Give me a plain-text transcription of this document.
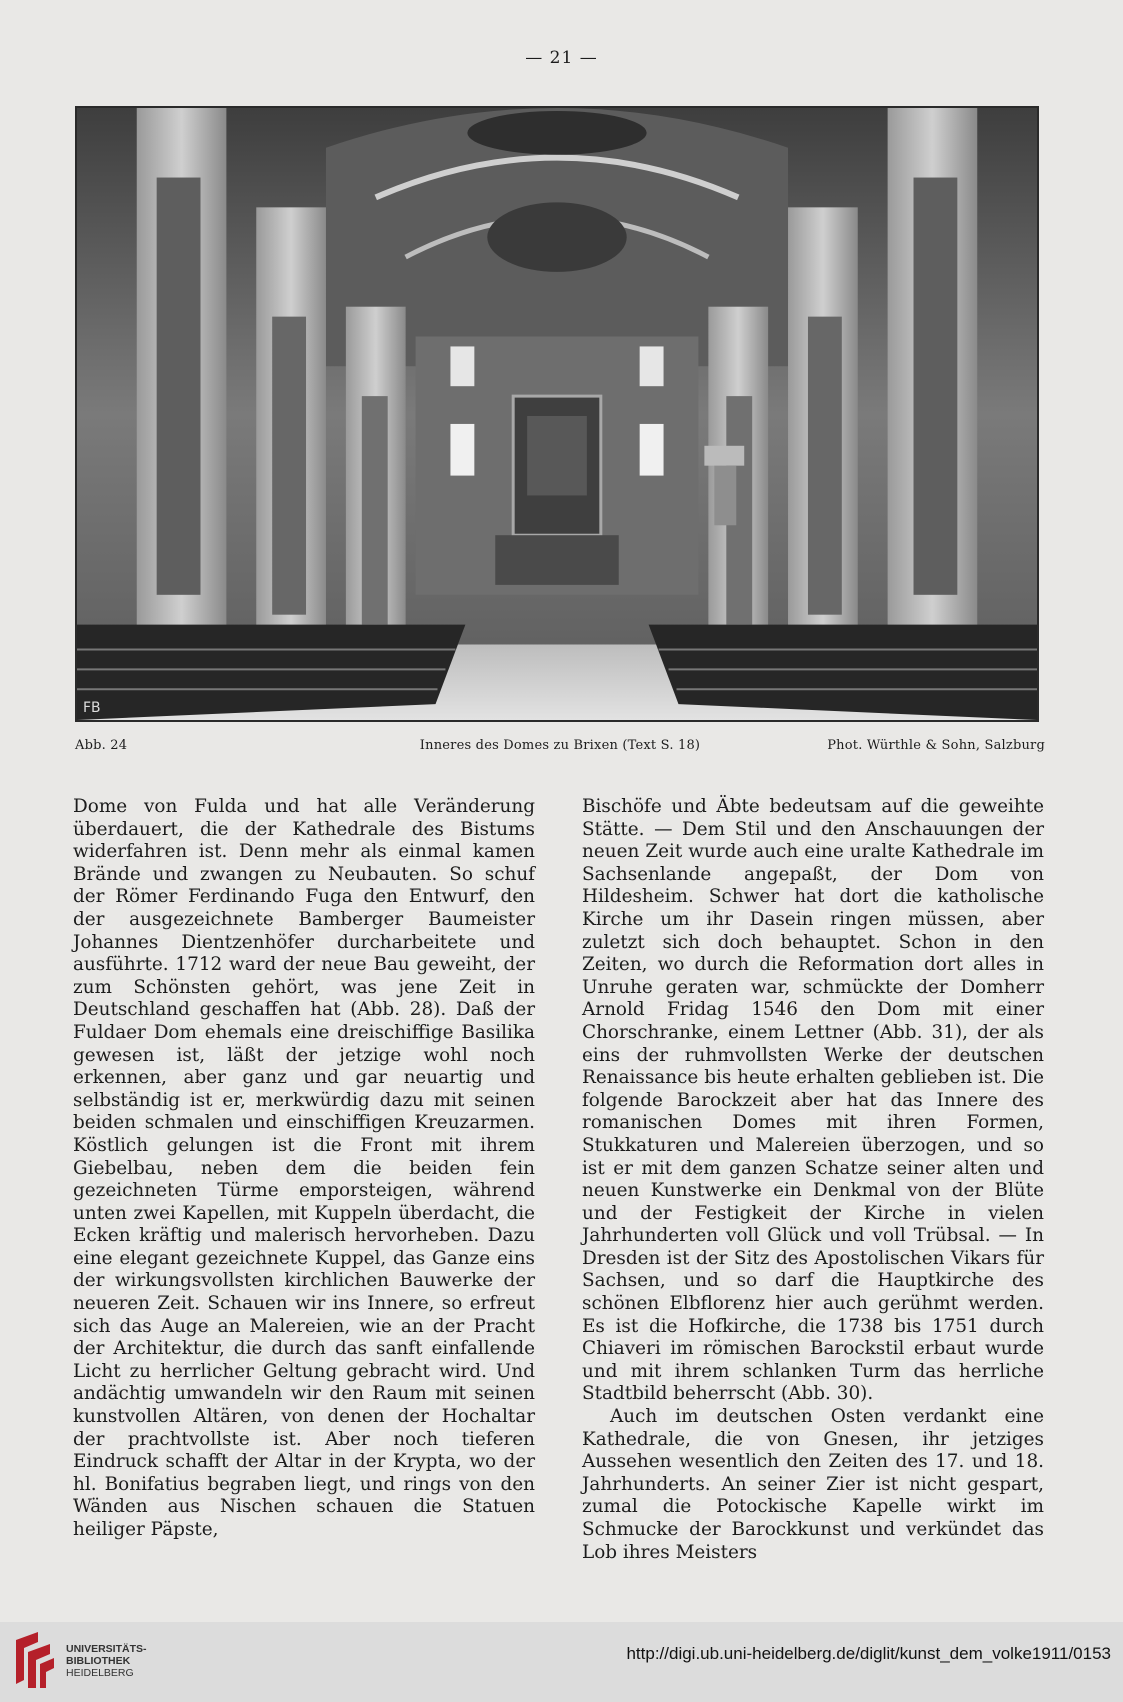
— 21 —
FB
Inneres des Domes zu Brixen (Text S. 18)
Abb. 24	Phot. Würthle & Sohn, Salzburg

Dome von Fulda und hat alle Veränderung überdauert, die der Kathedrale des Bistums widerfahren ist. Denn mehr als einmal kamen Brände und zwangen zu Neubauten. So schuf der Römer Ferdinando Fuga den Entwurf, den der ausgezeichnete Bamberger Baumeister Johannes Dientzenhöfer durcharbeitete und ausführte. 1712 ward der neue Bau geweiht, der zum Schönsten gehört, was jene Zeit in Deutschland geschaffen hat (Abb. 28). Daß der Fuldaer Dom ehemals eine dreischiffige Basilika gewesen ist, läßt der jetzige wohl noch erkennen, aber ganz und gar neuartig und selbständig ist er, merkwürdig dazu mit seinen beiden schmalen und einschiffigen Kreuzarmen. Köstlich gelungen ist die Front mit ihrem Giebelbau, neben dem die beiden fein gezeichneten Türme emporsteigen, während unten zwei Kapellen, mit Kuppeln überdacht, die Ecken kräftig und malerisch hervorheben. Dazu eine elegant gezeichnete Kuppel, das Ganze eins der wirkungsvollsten kirchlichen Bauwerke der neueren Zeit. Schauen wir ins Innere, so erfreut sich das Auge an Malereien, wie an der Pracht der Architektur, die durch das sanft einfallende Licht zu herrlicher Geltung gebracht wird. Und andächtig umwandeln wir den Raum mit seinen kunstvollen Altären, von denen der Hochaltar der prachtvollste ist. Aber noch tieferen Eindruck schafft der Altar in der Krypta, wo der hl. Bonifatius begraben liegt, und rings von den Wänden aus Nischen schauen die Statuen heiliger Päpste,

Bischöfe und Äbte bedeutsam auf die geweihte Stätte. — Dem Stil und den Anschauungen der neuen Zeit wurde auch eine uralte Kathedrale im Sachsenlande angepaßt, der Dom von Hildesheim. Schwer hat dort die katholische Kirche um ihr Dasein ringen müssen, aber zuletzt sich doch behauptet. Schon in den Zeiten, wo durch die Reformation dort alles in Unruhe geraten war, schmückte der Domherr Arnold Fridag 1546 den Dom mit einer Chorschranke, einem Lettner (Abb. 31), der als eins der ruhmvollsten Werke der deutschen Renaissance bis heute erhalten geblieben ist. Die folgende Barockzeit aber hat das Innere des romanischen Domes mit ihren Formen, Stukkaturen und Malereien überzogen, und so ist er mit dem ganzen Schatze seiner alten und neuen Kunstwerke ein Denkmal von der Blüte und der Festigkeit der Kirche in vielen Jahrhunderten voll Glück und voll Trübsal. — In Dresden ist der Sitz des Apostolischen Vikars für Sachsen, und so darf die Hauptkirche des schönen Elbflorenz hier auch gerühmt werden. Es ist die Hofkirche, die 1738 bis 1751 durch Chiaveri im römischen Barockstil erbaut wurde und mit ihrem schlanken Turm das herrliche Stadtbild beherrscht (Abb. 30).

Auch im deutschen Osten verdankt eine Kathedrale, die von Gnesen, ihr jetziges Aussehen wesentlich den Zeiten des 17. und 18. Jahrhunderts. An seiner Zier ist nicht gespart, zumal die Potockische Kapelle wirkt im Schmucke der Barockkunst und verkündet das Lob ihres Meisters

UNIVERSITÄTS-
BIBLIOTHEK
HEIDELBERG
http://digi.ub.uni-heidelberg.de/diglit/kunst_dem_volke1911/0153
